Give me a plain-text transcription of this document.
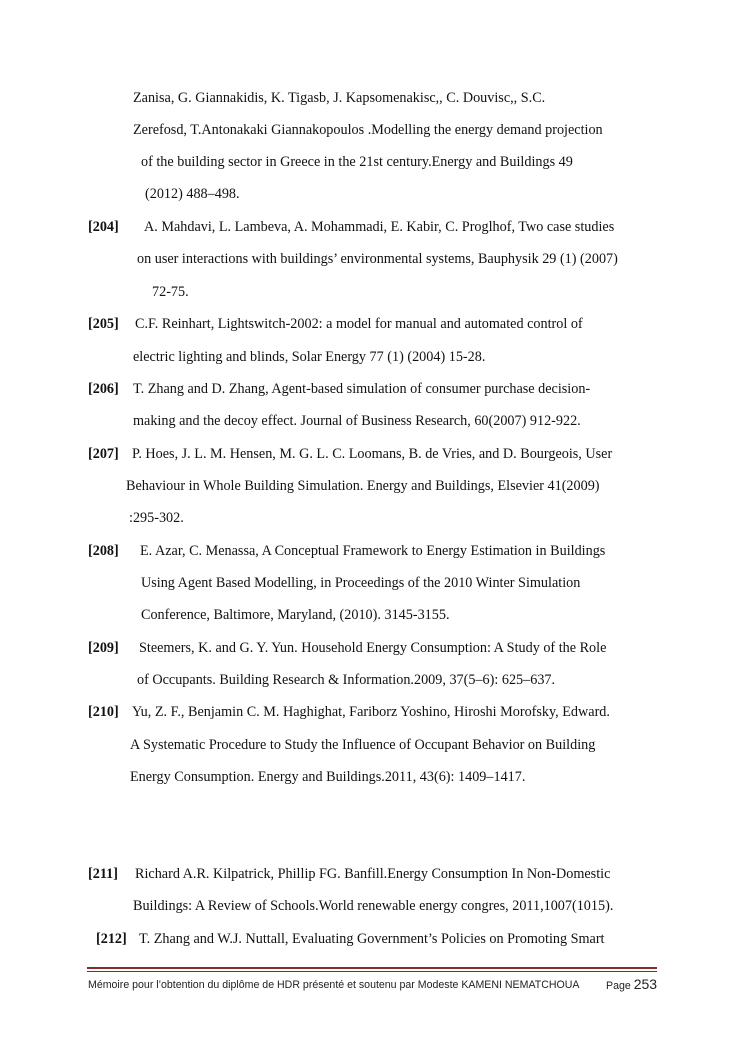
Zanisa, G. Giannakidis, K. Tigasb, J. Kapsomenakisc,, C. Douvisc,, S.C.
Zerefosd, T.Antonakaki Giannakopoulos .Modelling the energy demand projection
of the building sector in Greece in the 21st century.Energy and Buildings 49
(2012) 488–498.
[204] A. Mahdavi, L. Lambeva, A. Mohammadi, E. Kabir, C. Proglhof, Two case studies
on user interactions with buildings’ environmental systems, Bauphysik 29 (1) (2007)
72-75.
[205] C.F. Reinhart, Lightswitch-2002: a model for manual and automated control of
electric lighting and blinds, Solar Energy 77 (1) (2004) 15-28.
[206] T. Zhang and D. Zhang, Agent-based simulation of consumer purchase decision-
making and the decoy effect. Journal of Business Research, 60(2007) 912-922.
[207] P. Hoes, J. L. M. Hensen, M. G. L. C. Loomans, B. de Vries, and D. Bourgeois, User
Behaviour in Whole Building Simulation. Energy and Buildings, Elsevier 41(2009)
:295-302.
[208] E. Azar, C. Menassa, A Conceptual Framework to Energy Estimation in Buildings
Using Agent Based Modelling, in Proceedings of the 2010 Winter Simulation
Conference, Baltimore, Maryland, (2010). 3145-3155.
[209] Steemers, K. and G. Y. Yun. Household Energy Consumption: A Study of the Role
of Occupants. Building Research & Information.2009, 37(5–6): 625–637.
[210] Yu, Z. F., Benjamin C. M. Haghighat, Fariborz Yoshino, Hiroshi Morofsky, Edward.
A Systematic Procedure to Study the Influence of Occupant Behavior on Building
Energy Consumption. Energy and Buildings.2011, 43(6): 1409–1417.
[211] Richard A.R. Kilpatrick, Phillip FG. Banfill.Energy Consumption In Non-Domestic
Buildings: A Review of Schools.World renewable energy congres, 2011,1007(1015).
[212] T. Zhang and W.J. Nuttall, Evaluating Government’s Policies on Promoting Smart
Mémoire pour l’obtention du diplôme de HDR présenté et soutenu par Modeste KAMENI NEMATCHOUA	Page 253
